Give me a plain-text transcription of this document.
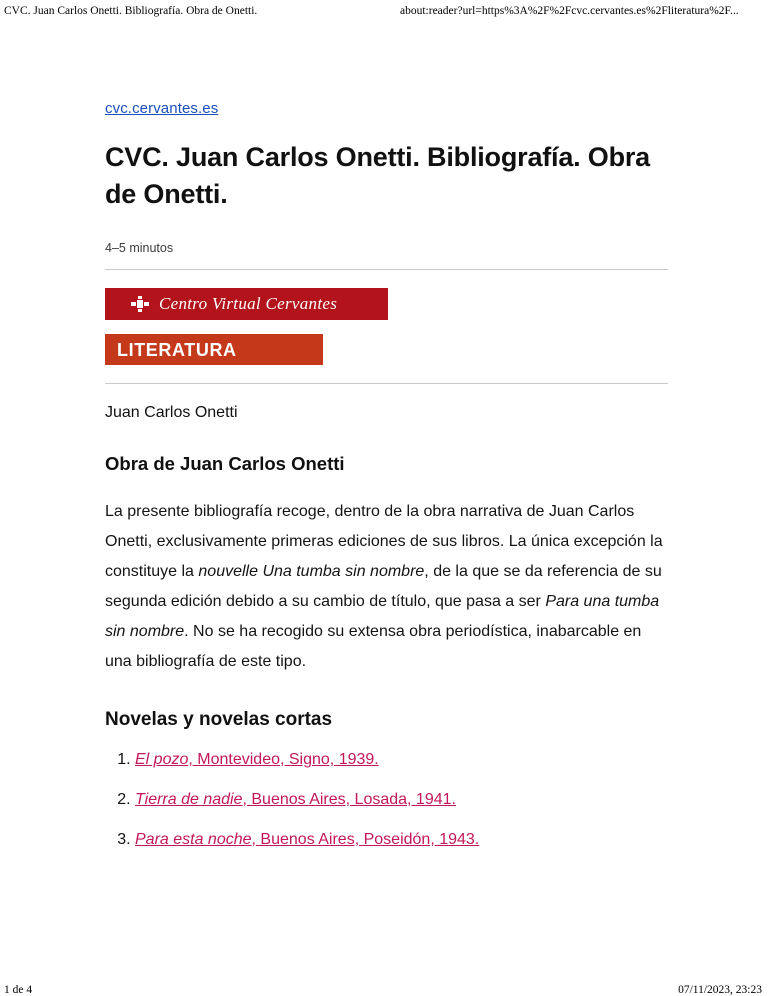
CVC. Juan Carlos Onetti. Bibliografía. Obra de Onetti.	about:reader?url=https%3A%2F%2Fcvc.cervantes.es%2Fliteratura%2F...
cvc.cervantes.es
CVC. Juan Carlos Onetti. Bibliografía. Obra de Onetti.
4–5 minutos
Centro Virtual Cervantes
LITERATURA
Juan Carlos Onetti
Obra de Juan Carlos Onetti

La presente bibliografía recoge, dentro de la obra narrativa de Juan Carlos Onetti, exclusivamente primeras ediciones de sus libros. La única excepción la constituye la nouvelle Una tumba sin nombre, de la que se da referencia de su segunda edición debido a su cambio de título, que pasa a ser Para una tumba sin nombre. No se ha recogido su extensa obra periodística, inabarcable en una bibliografía de este tipo.

Novelas y novelas cortas
1. El pozo, Montevideo, Signo, 1939.
2. Tierra de nadie, Buenos Aires, Losada, 1941.
3. Para esta noche, Buenos Aires, Poseidón, 1943.
1 de 4	07/11/2023, 23:23
